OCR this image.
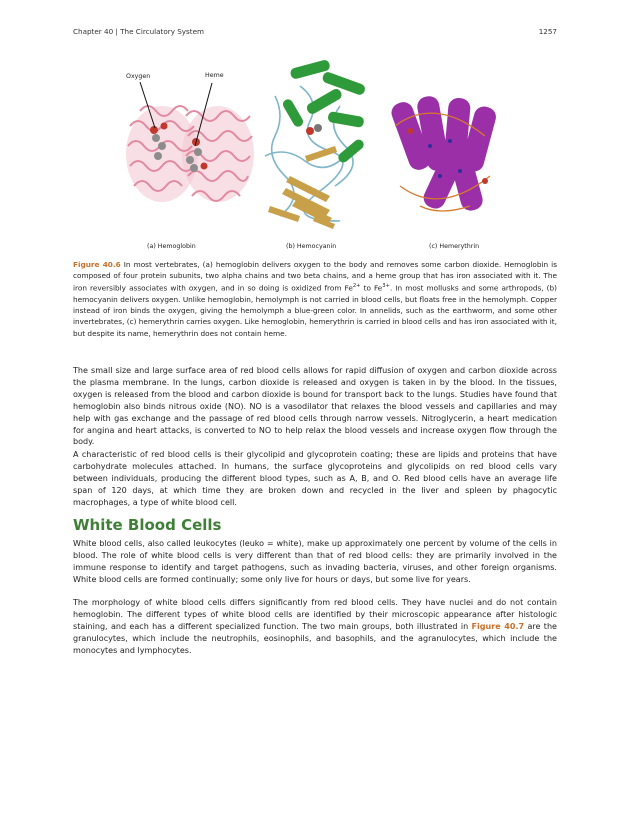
Chapter 40 | The Circulatory System	1257
Oxygen	Heme
(a) Hemoglobin	(b) Hemocyanin	(c) Hemerythrin
Figure 40.6 In most vertebrates, (a) hemoglobin delivers oxygen to the body and removes some carbon dioxide. Hemoglobin is composed of four protein subunits, two alpha chains and two beta chains, and a heme group that has iron associated with it. The iron reversibly associates with oxygen, and in so doing is oxidized from $Fe^{2+}$ to $Fe^{3+}$. In most mollusks and some arthropods, (b) hemocyanin delivers oxygen. Unlike hemoglobin, hemolymph is not carried in blood cells, but floats free in the hemolymph. Copper instead of iron binds the oxygen, giving the hemolymph a blue-green color. In annelids, such as the earthworm, and some other invertebrates, (c) hemerythrin carries oxygen. Like hemoglobin, hemerythrin is carried in blood cells and has iron associated with it, but despite its name, hemerythrin does not contain heme.

The small size and large surface area of red blood cells allows for rapid diffusion of oxygen and carbon dioxide across the plasma membrane. In the lungs, carbon dioxide is released and oxygen is taken in by the blood. In the tissues, oxygen is released from the blood and carbon dioxide is bound for transport back to the lungs. Studies have found that hemoglobin also binds nitrous oxide (NO). NO is a vasodilator that relaxes the blood vessels and capillaries and may help with gas exchange and the passage of red blood cells through narrow vessels. Nitroglycerin, a heart medication for angina and heart attacks, is converted to NO to help relax the blood vessels and increase oxygen flow through the body.

A characteristic of red blood cells is their glycolipid and glycoprotein coating; these are lipids and proteins that have carbohydrate molecules attached. In humans, the surface glycoproteins and glycolipids on red blood cells vary between individuals, producing the different blood types, such as A, B, and O. Red blood cells have an average life span of 120 days, at which time they are broken down and recycled in the liver and spleen by phagocytic macrophages, a type of white blood cell.

White Blood Cells

White blood cells, also called leukocytes (leuko = white), make up approximately one percent by volume of the cells in blood. The role of white blood cells is very different than that of red blood cells: they are primarily involved in the immune response to identify and target pathogens, such as invading bacteria, viruses, and other foreign organisms. White blood cells are formed continually; some only live for hours or days, but some live for years.

The morphology of white blood cells differs significantly from red blood cells. They have nuclei and do not contain hemoglobin. The different types of white blood cells are identified by their microscopic appearance after histologic staining, and each has a different specialized function. The two main groups, both illustrated in Figure 40.7 are the granulocytes, which include the neutrophils, eosinophils, and basophils, and the agranulocytes, which include the monocytes and lymphocytes.
